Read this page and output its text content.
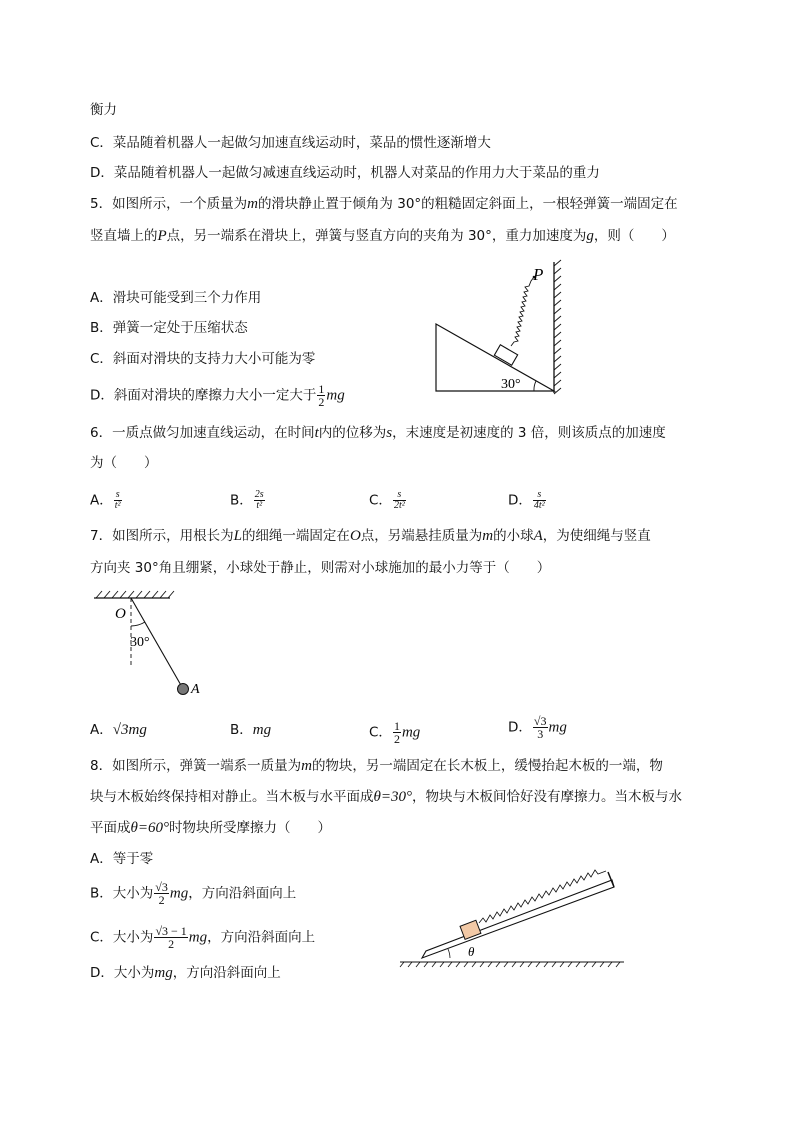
衡力
C．菜品随着机器人一起做匀加速直线运动时，菜品的惯性逐渐增大
D．菜品随着机器人一起做匀减速直线运动时，机器人对菜品的作用力大于菜品的重力
5．如图所示，一个质量为m的滑块静止置于倾角为 30°的粗糙固定斜面上，一根轻弹簧一端固定在
竖直墙上的P点，另一端系在滑块上，弹簧与竖直方向的夹角为 30°，重力加速度为g，则（　　）
A．滑块可能受到三个力作用
B．弹簧一定处于压缩状态
C．斜面对滑块的支持力大小可能为零
D．斜面对滑块的摩擦力大小一定大于 $\frac{1}{2}$ mg
P
30°
6．一质点做匀加速直线运动，在时间t内的位移为s，末速度是初速度的 3 倍，则该质点的加速度
为（　　）
A． $\frac{s}{\text{t²}}$	B． $\frac{2s}{\text{t²}}$	C． $\frac{s}{\text{2t²}}$	D． $\frac{s}{\text{4t²}}$
7．如图所示，用根长为L的细绳一端固定在O点，另端悬挂质量为m的小球A，为使细绳与竖直
方向夹 30°角且绷紧，小球处于静止，则需对小球施加的最小力等于（　　）
O
30°
A
A．√3mg	B．mg	C． $\frac{1}{2}$ mg	D． $\frac{√3}{3}$ mg
8．如图所示，弹簧一端系一质量为m的物块，另一端固定在长木板上，缓慢抬起木板的一端，物
块与木板始终保持相对静止。当木板与水平面成θ=30°，物块与木板间恰好没有摩擦力。当木板与水
平面成θ=60°时物块所受摩擦力（　　）
A．等于零
B．大小为 $\frac{√3}{2}$ mg，方向沿斜面向上
C．大小为 $\frac{√3 - 1}{2}$ mg，方向沿斜面向上
D．大小为mg，方向沿斜面向上
θ
